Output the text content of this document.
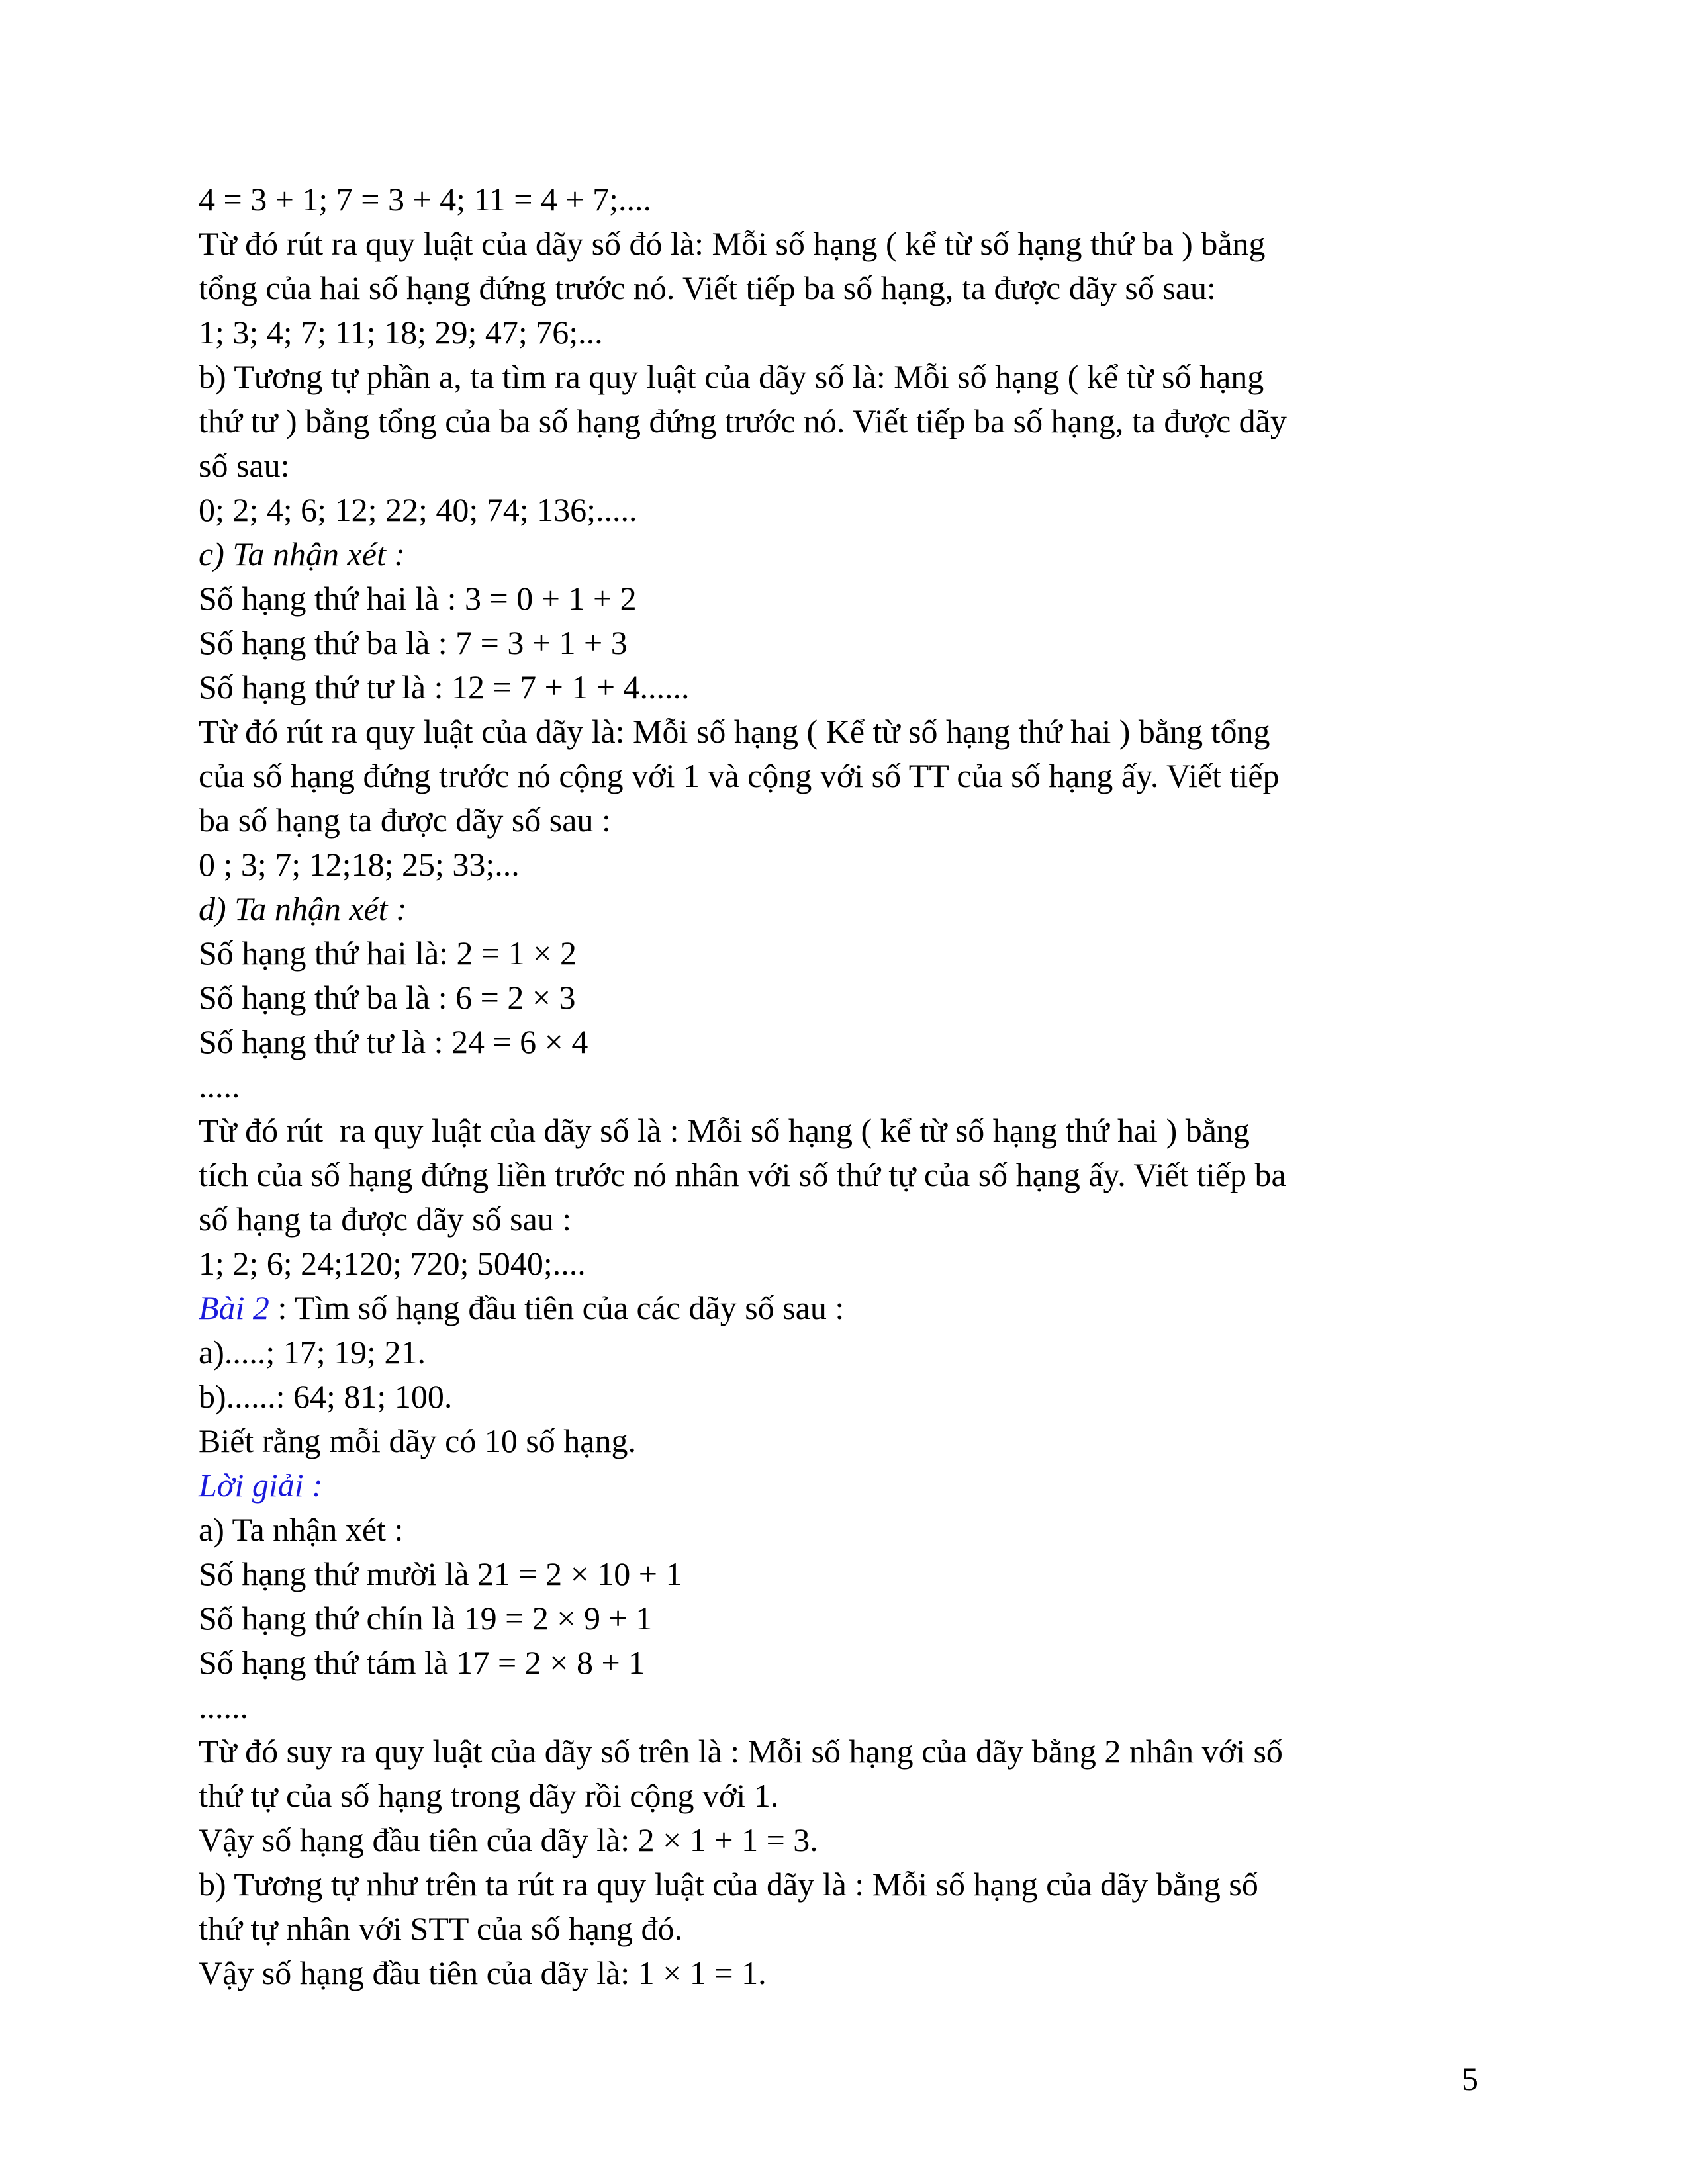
4 = 3 + 1; 7 = 3 + 4; 11 = 4 + 7;....
Từ đó rút ra quy luật của dãy số đó là: Mỗi số hạng ( kể từ số hạng thứ ba ) bằng
tổng của hai số hạng đứng trước nó. Viết tiếp ba số hạng, ta được dãy số sau:
1; 3; 4; 7; 11; 18; 29; 47; 76;...
b) Tương tự phần a, ta tìm ra quy luật của dãy số là: Mỗi số hạng ( kể từ số hạng
thứ tư ) bằng tổng của ba số hạng đứng trước nó. Viết tiếp ba số hạng, ta được dãy
số sau:
0; 2; 4; 6; 12; 22; 40; 74; 136;.....
c) Ta nhận xét :
Số hạng thứ hai là : 3 = 0 + 1 + 2
Số hạng thứ ba là : 7 = 3 + 1 + 3
Số hạng thứ tư là : 12 = 7 + 1 + 4......
Từ đó rút ra quy luật của dãy là: Mỗi số hạng ( Kể từ số hạng thứ hai ) bằng tổng
của số hạng đứng trước nó cộng với 1 và cộng với số TT của số hạng ấy. Viết tiếp
ba số hạng ta được dãy số sau :
0 ; 3; 7; 12;18; 25; 33;...
d) Ta nhận xét :
Số hạng thứ hai là: 2 = 1 × 2
Số hạng thứ ba là : 6 = 2 × 3
Số hạng thứ tư là : 24 = 6 × 4
.....
Từ đó rút  ra quy luật của dãy số là : Mỗi số hạng ( kể từ số hạng thứ hai ) bằng
tích của số hạng đứng liền trước nó nhân với số thứ tự của số hạng ấy. Viết tiếp ba
số hạng ta được dãy số sau :
1; 2; 6; 24;120; 720; 5040;....
Bài 2 : Tìm số hạng đầu tiên của các dãy số sau :
a).....; 17; 19; 21.
b)......: 64; 81; 100.
Biết rằng mỗi dãy có 10 số hạng.
Lời giải :
a) Ta nhận xét :
Số hạng thứ mười là 21 = 2 × 10 + 1
Số hạng thứ chín là 19 = 2 × 9 + 1
Số hạng thứ tám là 17 = 2 × 8 + 1
......
Từ đó suy ra quy luật của dãy số trên là : Mỗi số hạng của dãy bằng 2 nhân với số
thứ tự của số hạng trong dãy rồi cộng với 1.
Vậy số hạng đầu tiên của dãy là: 2 × 1 + 1 = 3.
b) Tương tự như trên ta rút ra quy luật của dãy là : Mỗi số hạng của dãy bằng số
thứ tự nhân với STT của số hạng đó.
Vậy số hạng đầu tiên của dãy là: 1 × 1 = 1.
5
